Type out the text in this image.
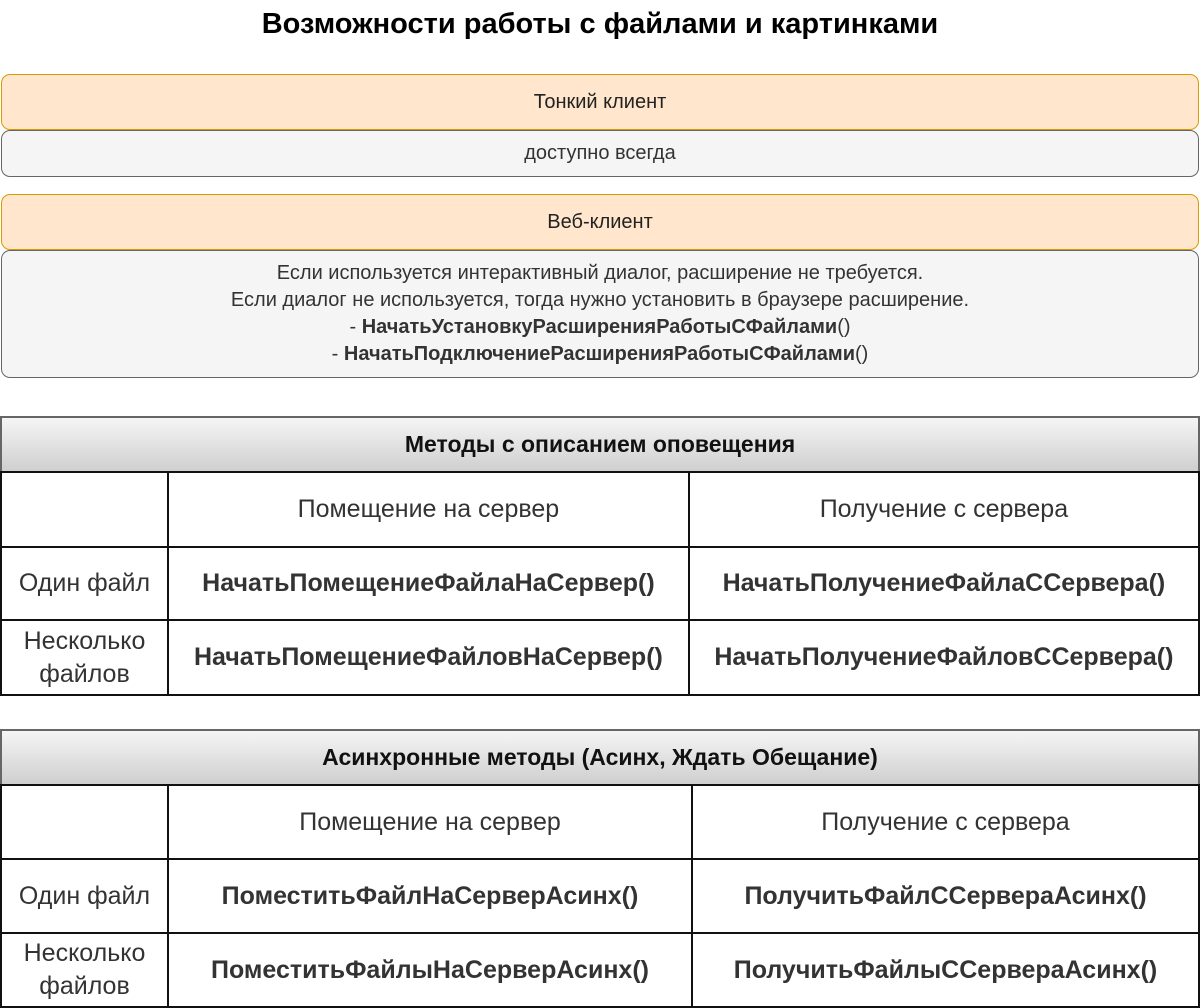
Возможности работы с файлами и картинками
Тонкий клиент
доступно всегда
Веб-клиент
Если используется интерактивный диалог, расширение не требуется.
Если диалог не используется, тогда нужно установить в браузере расширение.
- НачатьУстановкуРасширенияРаботыСФайлами()
- НачатьПодключениеРасширенияРаботыСФайлами()
Методы с описанием оповещения
	Помещение на сервер	Получение с сервера
Один файл	НачатьПомещениеФайлаНаСервер()	НачатьПолучениеФайлаССервера()
Несколько файлов	НачатьПомещениеФайловНаСервер()	НачатьПолучениеФайловССервера()
Асинхронные методы (Асинх, Ждать Обещание)
	Помещение на сервер	Получение с сервера
Один файл	ПоместитьФайлНаСерверАсинх()	ПолучитьФайлССервераАсинх()
Несколько файлов	ПоместитьФайлыНаСерверАсинх()	ПолучитьФайлыССервераАсинх()
